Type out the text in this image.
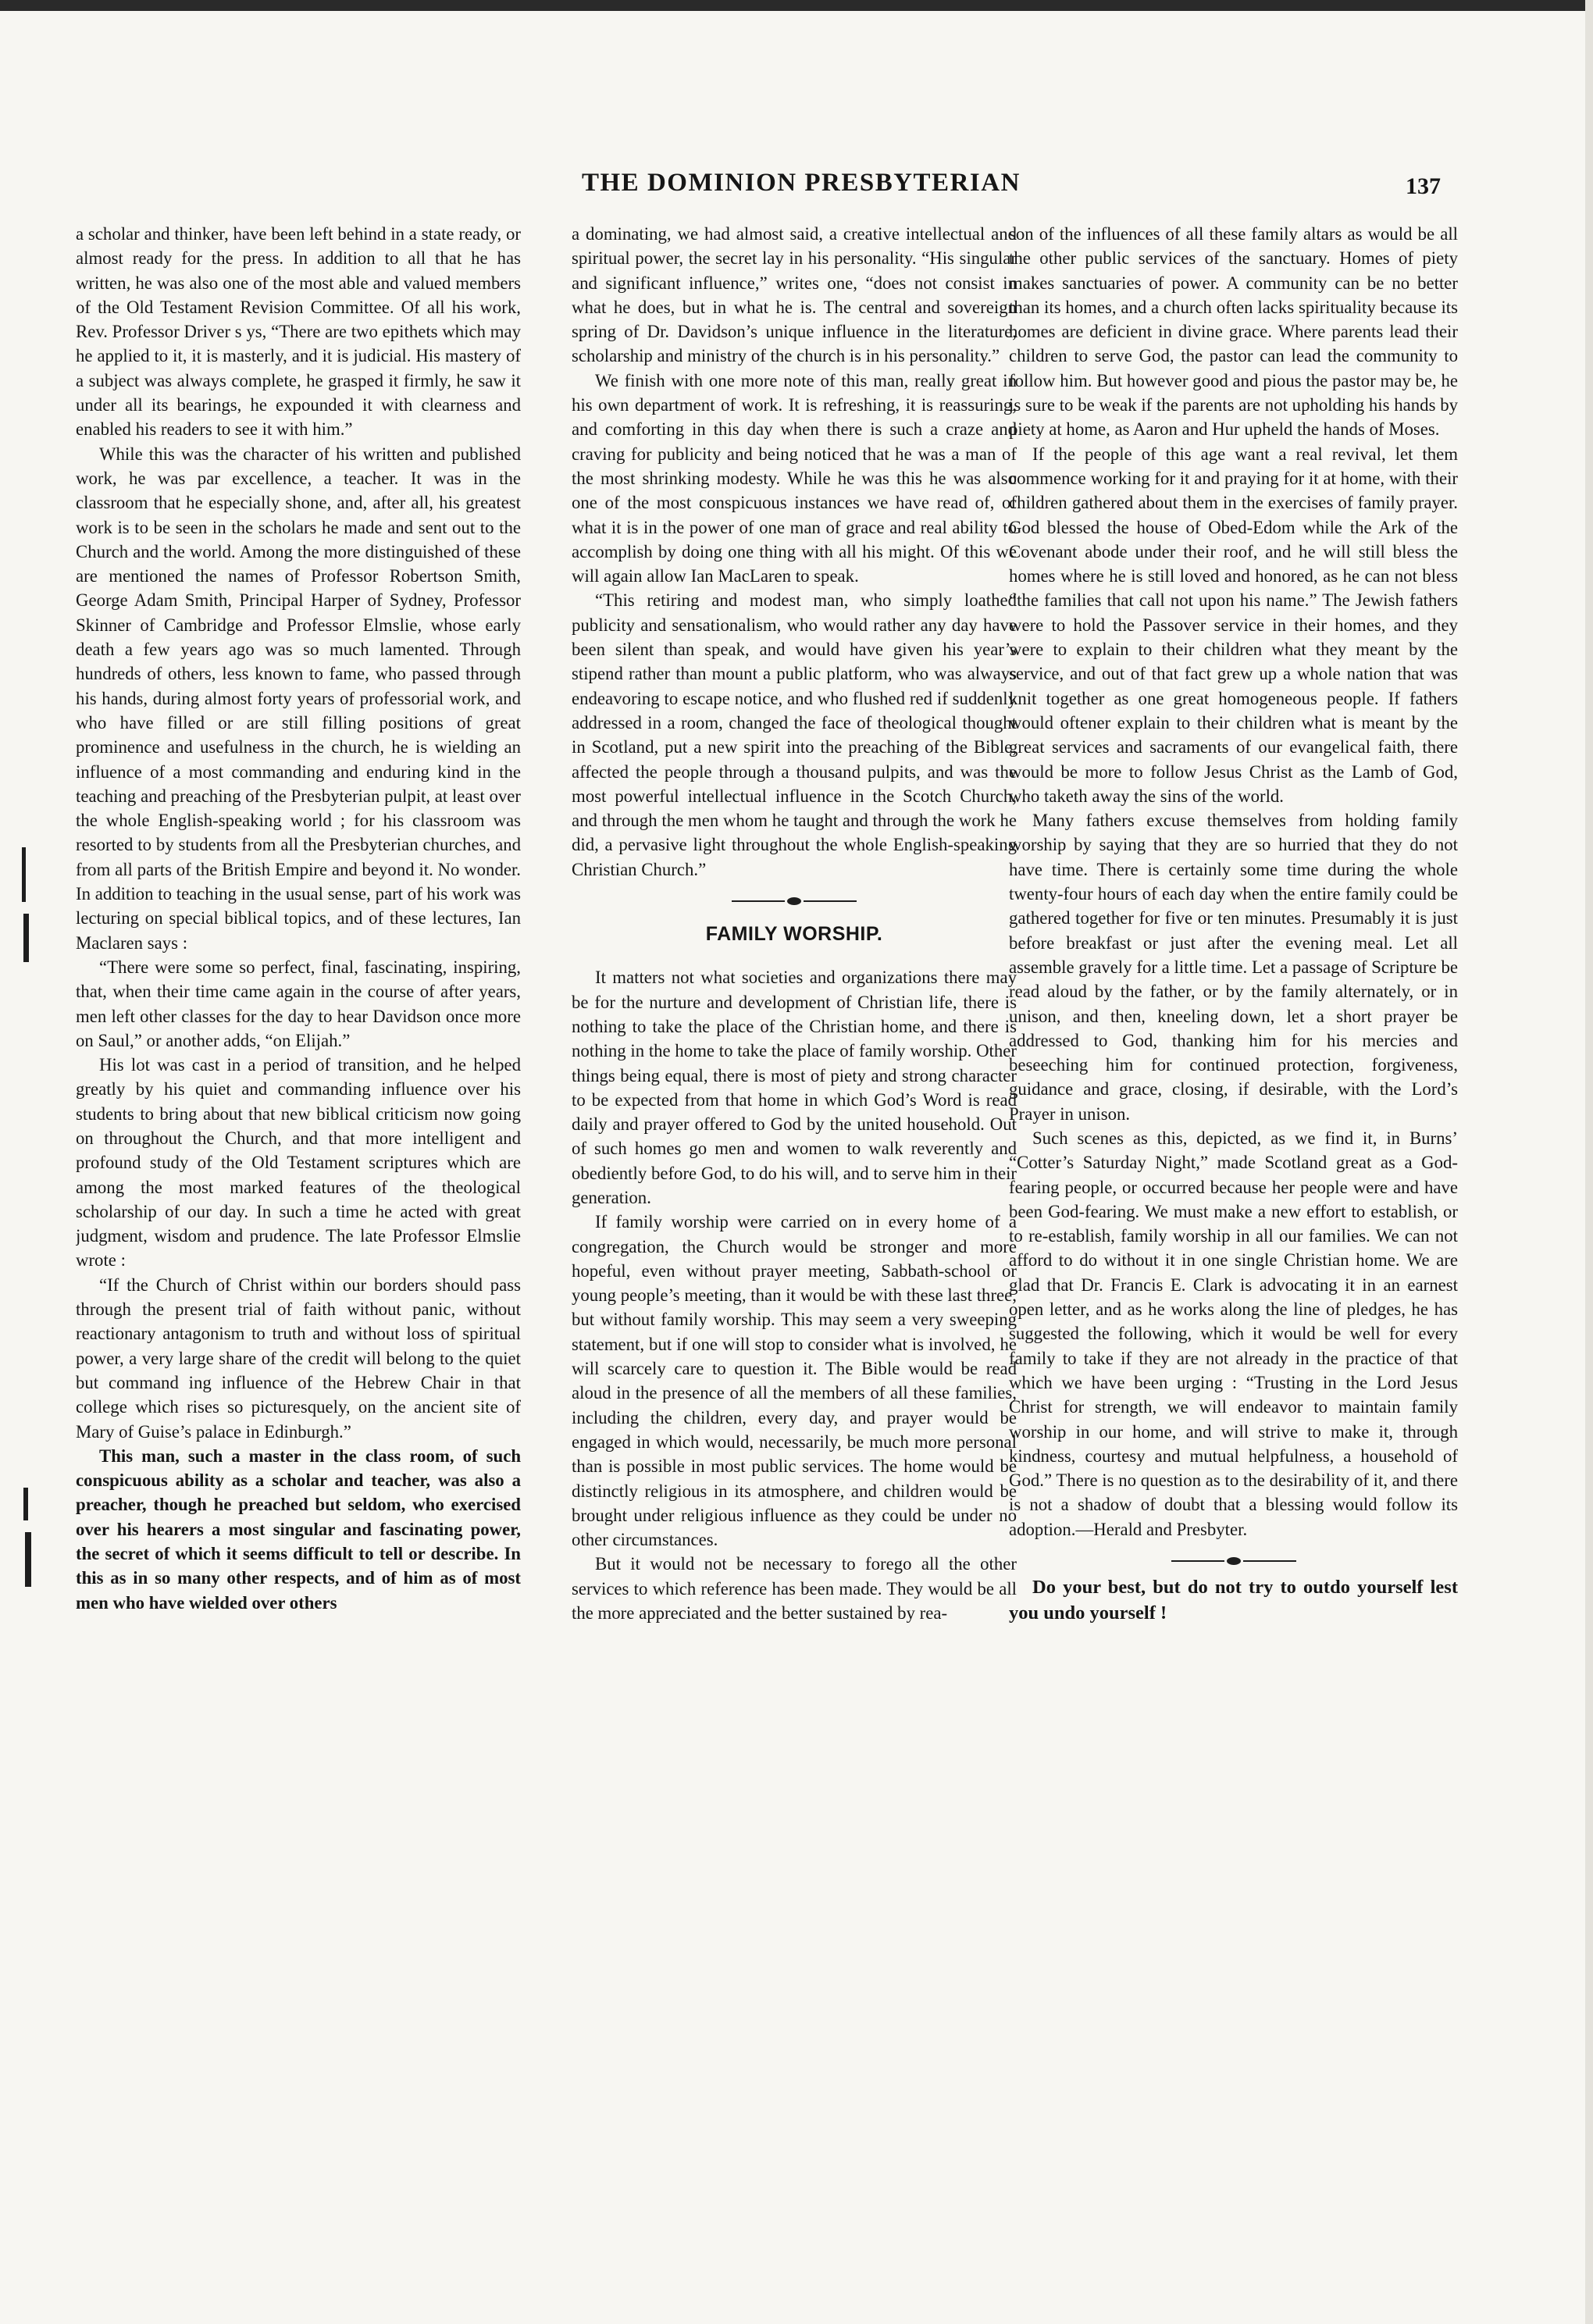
THE DOMINION PRESBYTERIAN	137

a scholar and thinker, have been left behind in a state ready, or almost ready for the press. In addition to all that he has written, he was also one of the most able and valued members of the Old Testament Revision Committee. Of all his work, Rev. Professor Driver s ys, “There are two epithets which may he applied to it, it is masterly, and it is judicial. His mastery of a subject was always complete, he grasped it firmly, he saw it under all its bearings, he expounded it with clearness and enabled his readers to see it with him.”

While this was the character of his written and published work, he was par excellence, a teacher. It was in the classroom that he especially shone, and, after all, his greatest work is to be seen in the scholars he made and sent out to the Church and the world. Among the more distinguished of these are mentioned the names of Professor Robertson Smith, George Adam Smith, Principal Harper of Sydney, Professor Skinner of Cambridge and Professor Elmslie, whose early death a few years ago was so much lamented. Through hundreds of others, less known to fame, who passed through his hands, during almost forty years of professorial work, and who have filled or are still filling positions of great prominence and usefulness in the church, he is wielding an influence of a most commanding and enduring kind in the teaching and preaching of the Presbyterian pulpit, at least over the whole English-speaking world ; for his classroom was resorted to by students from all the Presbyterian churches, and from all parts of the British Empire and beyond it. No wonder. In addition to teaching in the usual sense, part of his work was lecturing on special biblical topics, and of these lectures, Ian Maclaren says :

“There were some so perfect, final, fascinating, inspiring, that, when their time came again in the course of after years, men left other classes for the day to hear Davidson once more on Saul,” or another adds, “on Elijah.”

His lot was cast in a period of transition, and he helped greatly by his quiet and commanding influence over his students to bring about that new biblical criticism now going on throughout the Church, and that more intelligent and profound study of the Old Testament scriptures which are among the most marked features of the theological scholarship of our day. In such a time he acted with great judgment, wisdom and prudence. The late Professor Elmslie wrote :

“If the Church of Christ within our borders should pass through the present trial of faith without panic, without reactionary antagonism to truth and without loss of spiritual power, a very large share of the credit will belong to the quiet but command ing influence of the Hebrew Chair in that college which rises so picturesquely, on the ancient site of Mary of Guise’s palace in Edinburgh.”

This man, such a master in the class room, of such conspicuous ability as a scholar and teacher, was also a preacher, though he preached but seldom, who exercised over his hearers a most singular and fascinating power, the secret of which it seems difficult to tell or describe. In this as in so many other respects, and of him as of most men who have wielded over others

a dominating, we had almost said, a creative intellectual and spiritual power, the secret lay in his personality. “His singular and significant influence,” writes one, “does not consist in what he does, but in what he is. The central and sovereign spring of Dr. Davidson’s unique influence in the literature, scholarship and ministry of the church is in his personality.”

We finish with one more note of this man, really great in his own department of work. It is refreshing, it is reassuring, and comforting in this day when there is such a craze and craving for publicity and being noticed that he was a man of the most shrinking modesty. While he was this he was also one of the most conspicuous instances we have read of, of what it is in the power of one man of grace and real ability to accomplish by doing one thing with all his might. Of this we will again allow Ian MacLaren to speak.

“This retiring and modest man, who simply loathed publicity and sensationalism, who would rather any day have been silent than speak, and would have given his year’s stipend rather than mount a public platform, who was always endeavoring to escape notice, and who flushed red if suddenly addressed in a room, changed the face of theological thought in Scotland, put a new spirit into the preaching of the Bible, affected the people through a thousand pulpits, and was the most powerful intellectual influence in the Scotch Church, and through the men whom he taught and through the work he did, a pervasive light throughout the whole English-speaking Christian Church.”

FAMILY WORSHIP.

It matters not what societies and organizations there may be for the nurture and development of Christian life, there is nothing to take the place of the Christian home, and there is nothing in the home to take the place of family worship. Other things being equal, there is most of piety and strong character to be expected from that home in which God’s Word is read daily and prayer offered to God by the united household. Out of such homes go men and women to walk reverently and obediently before God, to do his will, and to serve him in their generation.

If family worship were carried on in every home of a congregation, the Church would be stronger and more hopeful, even without prayer meeting, Sabbath-school or young people’s meeting, than it would be with these last three, but without family worship. This may seem a very sweeping statement, but if one will stop to consider what is involved, he will scarcely care to question it. The Bible would be read aloud in the presence of all the members of all these families, including the children, every day, and prayer would be engaged in which would, necessarily, be much more personal than is possible in most public services. The home would be distinctly religious in its atmosphere, and children would be brought under religious influence as they could be under no other circumstances.

But it would not be necessary to forego all the other services to which reference has been made. They would be all the more appreciated and the better sustained by rea-

son of the influences of all these family altars as would be all the other public services of the sanctuary. Homes of piety makes sanctuaries of power. A community can be no better than its homes, and a church often lacks spirituality because its homes are deficient in divine grace. Where parents lead their children to serve God, the pastor can lead the community to follow him. But however good and pious the pastor may be, he is sure to be weak if the parents are not upholding his hands by piety at home, as Aaron and Hur upheld the hands of Moses.

If the people of this age want a real revival, let them commence working for it and praying for it at home, with their children gathered about them in the exercises of family prayer. God blessed the house of Obed-Edom while the Ark of the Covenant abode under their roof, and he will still bless the homes where he is still loved and honored, as he can not bless “the families that call not upon his name.” The Jewish fathers were to hold the Passover service in their homes, and they were to explain to their children what they meant by the service, and out of that fact grew up a whole nation that was knit together as one great homogeneous people. If fathers would oftener explain to their children what is meant by the great services and sacraments of our evangelical faith, there would be more to follow Jesus Christ as the Lamb of God, who taketh away the sins of the world.

Many fathers excuse themselves from holding family worship by saying that they are so hurried that they do not have time. There is certainly some time during the whole twenty-four hours of each day when the entire family could be gathered together for five or ten minutes. Presumably it is just before breakfast or just after the evening meal. Let all assemble gravely for a little time. Let a passage of Scripture be read aloud by the father, or by the family alternately, or in unison, and then, kneeling down, let a short prayer be addressed to God, thanking him for his mercies and beseeching him for continued protection, forgiveness, guidance and grace, closing, if desirable, with the Lord’s Prayer in unison.

Such scenes as this, depicted, as we find it, in Burns’ “Cotter’s Saturday Night,” made Scotland great as a God-fearing people, or occurred because her people were and have been God-fearing. We must make a new effort to establish, or to re-establish, family worship in all our families. We can not afford to do without it in one single Christian home. We are glad that Dr. Francis E. Clark is advocating it in an earnest open letter, and as he works along the line of pledges, he has suggested the following, which it would be well for every family to take if they are not already in the practice of that which we have been urging : “Trusting in the Lord Jesus Christ for strength, we will endeavor to maintain family worship in our home, and will strive to make it, through kindness, courtesy and mutual helpfulness, a household of God.” There is no question as to the desirability of it, and there is not a shadow of doubt that a blessing would follow its adoption.—Herald and Presbyter.

Do your best, but do not try to outdo yourself lest you undo yourself !
